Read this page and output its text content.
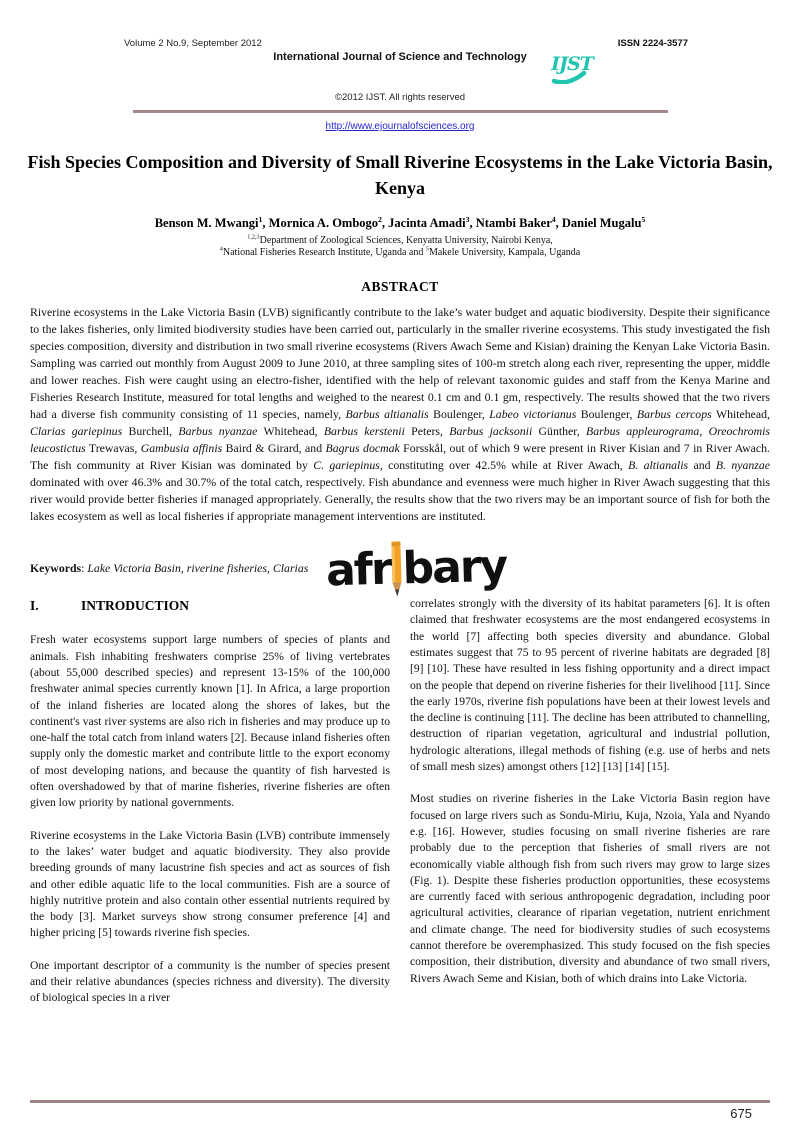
Volume 2 No.9, September 2012	ISSN 2224-3577
International Journal of Science and Technology	IJST
©2012 IJST. All rights reserved
http://www.ejournalofsciences.org
Fish Species Composition and Diversity of Small Riverine Ecosystems in the Lake Victoria Basin, Kenya
Benson M. Mwangi$^1$, Mornica A. Ombogo$^2$, Jacinta Amadi$^3$, Ntambi Baker$^4$, Daniel Mugalu$^5$
$^{1,2,3}$Department of Zoological Sciences, Kenyatta University, Nairobi Kenya,
$^4$National Fisheries Research Institute, Uganda and $^5$Makele University, Kampala, Uganda
ABSTRACT
Riverine ecosystems in the Lake Victoria Basin (LVB) significantly contribute to the lake’s water budget and aquatic biodiversity. Despite their significance to the lakes fisheries, only limited biodiversity studies have been carried out, particularly in the smaller riverine ecosystems. This study investigated the fish species composition, diversity and distribution in two small riverine ecosystems (Rivers Awach Seme and Kisian) draining the Kenyan Lake Victoria Basin. Sampling was carried out monthly from August 2009 to June 2010, at three sampling sites of 100-m stretch along each river, representing the upper, middle and lower reaches. Fish were caught using an electro-fisher, identified with the help of relevant taxonomic guides and staff from the Kenya Marine and Fisheries Research Institute, measured for total lengths and weighed to the nearest 0.1 cm and 0.1 gm, respectively. The results showed that the two rivers had a diverse fish community consisting of 11 species, namely, Barbus altianalis Boulenger, Labeo victorianus Boulenger, Barbus cercops Whitehead, Clarias gariepinus Burchell, Barbus nyanzae Whitehead, Barbus kerstenii Peters, Barbus jacksonii Günther, Barbus appleurograma, Oreochromis leucostictus Trewavas, Gambusia affinis Baird & Girard, and Bagrus docmak Forsskål, out of which 9 were present in River Kisian and 7 in River Awach. The fish community at River Kisian was dominated by C. gariepinus, constituting over 42.5% while at River Awach, B. altianalis and B. nyanzae dominated with over 46.3% and 30.7% of the total catch, respectively. Fish abundance and evenness were much higher in River Awach suggesting that this river would provide better fisheries if managed appropriately. Generally, the results show that the two rivers may be an important source of fish for both the lakes ecosystem as well as local fisheries if appropriate management interventions are instituted.
Keywords: Lake Victoria Basin, riverine fisheries, Clarias afr bary
I.	INTRODUCTION

Fresh water ecosystems support large numbers of species of plants and animals. Fish inhabiting freshwaters comprise 25% of living vertebrates (about 55,000 described species) and represent 13-15% of the 100,000 freshwater animal species currently known [1]. In Africa, a large proportion of the inland fisheries are located along the shores of lakes, but the continent's vast river systems are also rich in fisheries and may produce up to one-half the total catch from inland waters [2]. Because inland fisheries often supply only the domestic market and contribute little to the export economy of most developing nations, and because the quantity of fish harvested is often overshadowed by that of marine fisheries, riverine fisheries are often given low priority by national governments.

Riverine ecosystems in the Lake Victoria Basin (LVB) contribute immensely to the lakes’ water budget and aquatic biodiversity. They also provide breeding grounds of many lacustrine fish species and act as sources of fish and other edible aquatic life to the local communities. Fish are a source of highly nutritive protein and also contain other essential nutrients required by the body [3]. Market surveys show strong consumer preference [4] and higher pricing [5] towards riverine fish species.

One important descriptor of a community is the number of species present and their relative abundances (species richness and diversity). The diversity of biological species in a river

correlates strongly with the diversity of its habitat parameters [6]. It is often claimed that freshwater ecosystems are the most endangered ecosystems in the world [7] affecting both species diversity and abundance. Global estimates suggest that 75 to 95 percent of riverine habitats are degraded [8] [9] [10]. These have resulted in less fishing opportunity and a direct impact on the people that depend on riverine fisheries for their livelihood [11]. Since the early 1970s, riverine fish populations have been at their lowest levels and the decline is continuing [11]. The decline has been attributed to channelling, destruction of riparian vegetation, agricultural and industrial pollution, hydrologic alterations, illegal methods of fishing (e.g. use of herbs and nets of small mesh sizes) amongst others [12] [13] [14] [15].

Most studies on riverine fisheries in the Lake Victoria Basin region have focused on large rivers such as Sondu-Miriu, Kuja, Nzoia, Yala and Nyando e.g. [16]. However, studies focusing on small riverine fisheries are rare probably due to the perception that fisheries of small rivers are not economically viable although fish from such rivers may grow to large sizes (Fig. 1). Despite these fisheries production opportunities, these ecosystems are currently faced with serious anthropogenic degradation, including poor agricultural activities, clearance of riparian vegetation, nutrient enrichment and climate change. The need for biodiversity studies of such ecosystems cannot therefore be overemphasized. This study focused on the fish species composition, their distribution, diversity and abundance of two small rivers, Rivers Awach Seme and Kisian, both of which drains into Lake Victoria.

675
